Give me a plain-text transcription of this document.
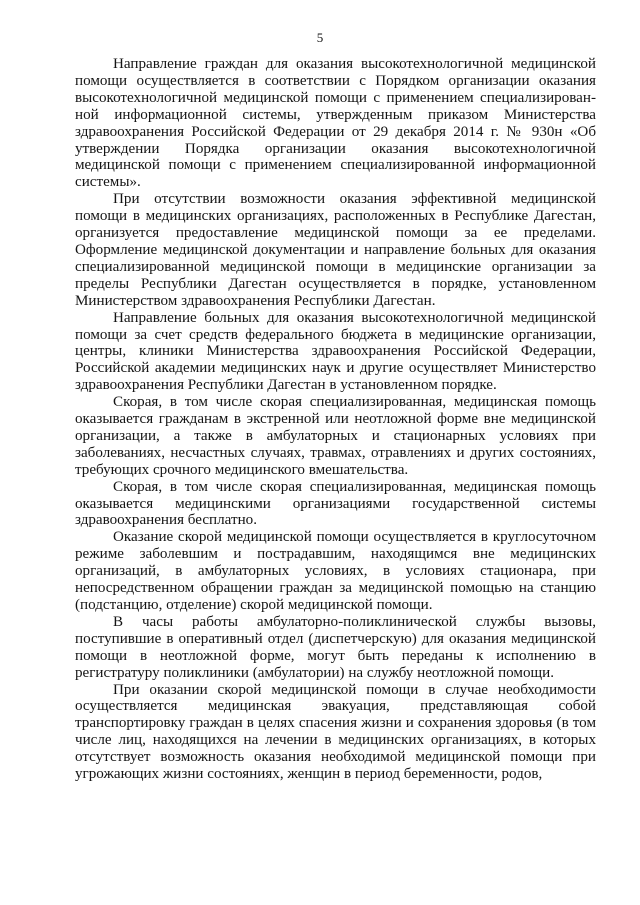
5

Направление граждан для оказания высокотехнологичной медицинской помощи осуществляется в соответствии с Порядком организации оказания высокотехнологичной медицинской помощи с применением специализированной информационной системы, утвержденным приказом Министерства здравоохранения Российской Федерации от 29 декабря 2014 г. № 930н «Об утверждении Порядка организации оказания высокотехнологичной медицинской помощи с применением специализированной информационной системы».

При отсутствии возможности оказания эффективной медицинской помощи в медицинских организациях, расположенных в Республике Дагестан, организуется предоставление медицинской помощи за ее пределами. Оформление медицинской документации и направление больных для оказания специализированной медицинской помощи в медицинские организации за пределы Республики Дагестан осуществляется в порядке, установленном Министерством здравоохранения Республики Дагестан.

Направление больных для оказания высокотехнологичной медицинской помощи за счет средств федерального бюджета в медицинские организации, центры, клиники Министерства здравоохранения Российской Федерации, Российской академии медицинских наук и другие осуществляет Министерство здравоохранения Республики Дагестан в установленном порядке.

Скорая, в том числе скорая специализированная, медицинская помощь оказывается гражданам в экстренной или неотложной форме вне медицинской организации, а также в амбулаторных и стационарных условиях при заболеваниях, несчастных случаях, травмах, отравлениях и других состояниях, требующих срочного медицинского вмешательства.

Скорая, в том числе скорая специализированная, медицинская помощь оказывается медицинскими организациями государственной системы здравоохранения бесплатно.

Оказание скорой медицинской помощи осуществляется в круглосуточном режиме заболевшим и пострадавшим, находящимся вне медицинских организаций, в амбулаторных условиях, в условиях стационара, при непосредственном обращении граждан за медицинской помощью на станцию (подстанцию, отделение) скорой медицинской помощи.

В часы работы амбулаторно-поликлинической службы вызовы, поступившие в оперативный отдел (диспетчерскую) для оказания медицинской помощи в неотложной форме, могут быть переданы к исполнению в регистратуру поликлиники (амбулатории) на службу неотложной помощи.

При оказании скорой медицинской помощи в случае необходимости осуществляется медицинская эвакуация, представляющая собой транспортировку граждан в целях спасения жизни и сохранения здоровья (в том числе лиц, находящихся на лечении в медицинских организациях, в которых отсутствует возможность оказания необходимой медицинской помощи при угрожающих жизни состояниях, женщин в период беременности, родов,
